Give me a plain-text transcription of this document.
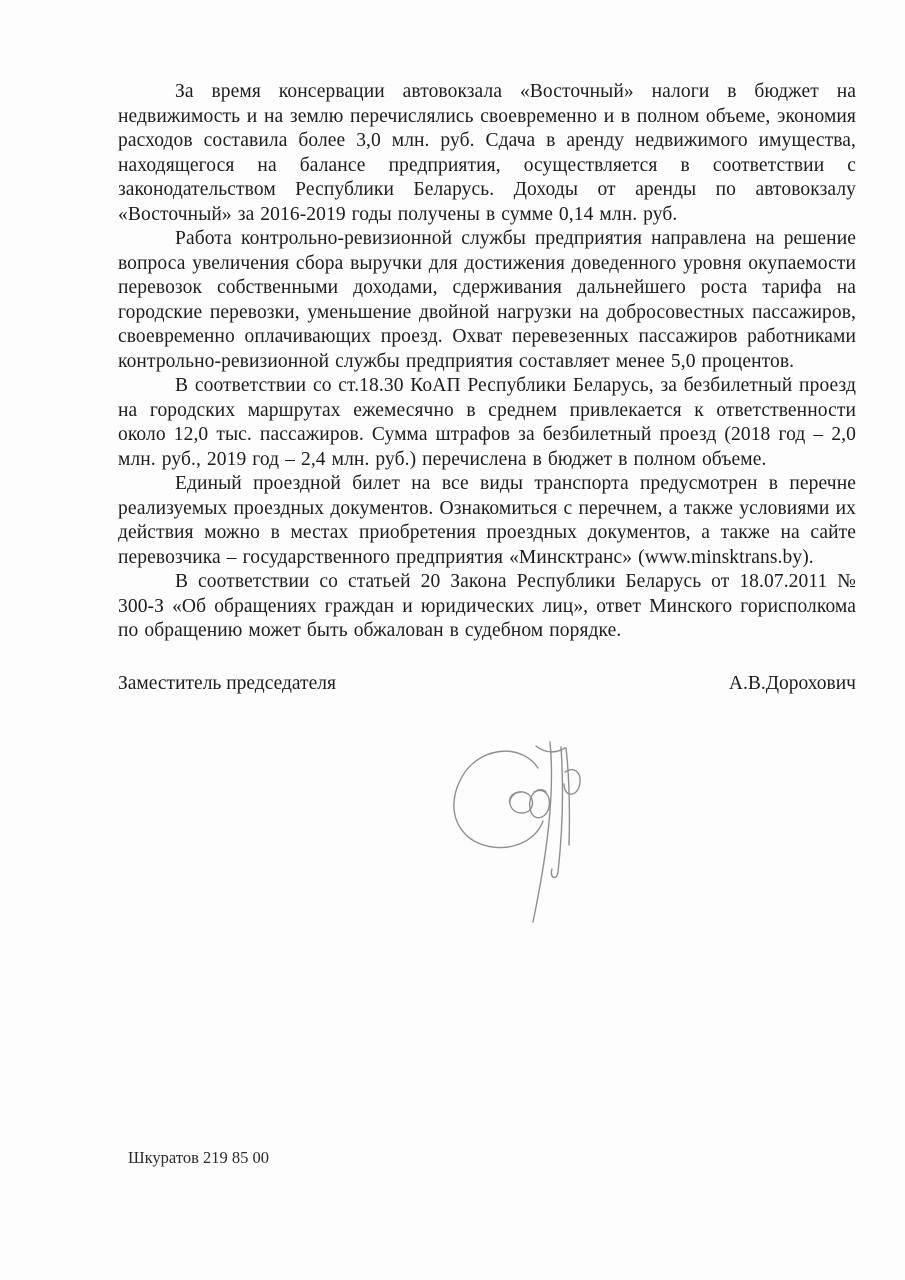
За время консервации автовокзала «Восточный» налоги в бюджет на недвижимость и на землю перечислялись своевременно и в полном объеме, экономия расходов составила более 3,0 млн. руб. Сдача в аренду недвижимого имущества, находящегося на балансе предприятия, осуществляется в соответствии с законодательством Республики Беларусь. Доходы от аренды по автовокзалу «Восточный» за 2016-2019 годы получены в сумме 0,14 млн. руб.

Работа контрольно-ревизионной службы предприятия направлена на решение вопроса увеличения сбора выручки для достижения доведенного уровня окупаемости перевозок собственными доходами, сдерживания дальнейшего роста тарифа на городские перевозки, уменьшение двойной нагрузки на добросовестных пассажиров, своевременно оплачивающих проезд. Охват перевезенных пассажиров работниками контрольно-ревизионной службы предприятия составляет менее 5,0 процентов.

В соответствии со ст.18.30 КоАП Республики Беларусь, за безбилетный проезд на городских маршрутах ежемесячно в среднем привлекается к ответственности около 12,0 тыс. пассажиров. Сумма штрафов за безбилетный проезд (2018 год – 2,0 млн. руб., 2019 год – 2,4 млн. руб.) перечислена в бюджет в полном объеме.

Единый проездной билет на все виды транспорта предусмотрен в перечне реализуемых проездных документов. Ознакомиться с перечнем, а также условиями их действия можно в местах приобретения проездных документов, а также на сайте перевозчика – государственного предприятия «Минсктранс» (www.minsktrans.by).

В соответствии со статьей 20 Закона Республики Беларусь от 18.07.2011 № 300-З «Об обращениях граждан и юридических лиц», ответ Минского горисполкома по обращению может быть обжалован в судебном порядке.

Заместитель председателя	А.В.Дорохович
Шкуратов 219 85 00
